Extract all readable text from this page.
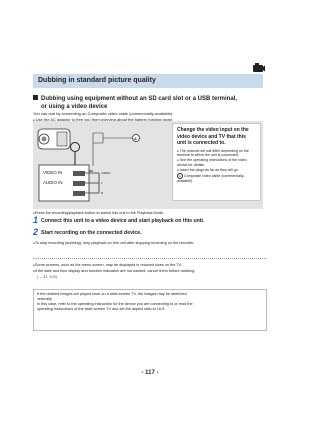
Dubbing in standard picture quality
Dubbing using equipment without an SD card slot or a USB terminal,
or using a video device
You can dub by connecting an Composite video cable (commercially-available).
● Use the AC adaptor to free you from worrying about the battery running down.
VIDEO IN
AUDIO IN
VIDEO
L
R
A
Change the video input on the video device and TV that this unit is connected to.
● The channel set will differ depending on the terminal to which the unit is connected.
● See the operating instructions of the video device for details.
● Insert the plugs as far as they will go.
A Composite video cable (commercially-available)
● Press the recording/playback button to switch this unit to the Playback Mode.
1 Connect this unit to a video device and start playback on this unit.
2 Start recording on the connected device.
● To stop recording (dubbing), stop playback on this unit after stopping recording on the recorder.
● Some screens, such as the menu screen, may be displayed in reduced sizes on the TV.
● If the date and time display and function indication are not wanted, cancel them before dubbing.
(→ 33, 105)
If the dubbed images are played back on a wide-screen TV, the images may be stretched
vertically.
In this case, refer to the operating instruction for the device you are connecting to or read the
operating instructions of the wide-screen TV and set the aspect ratio to 16:9.
- 117 -
